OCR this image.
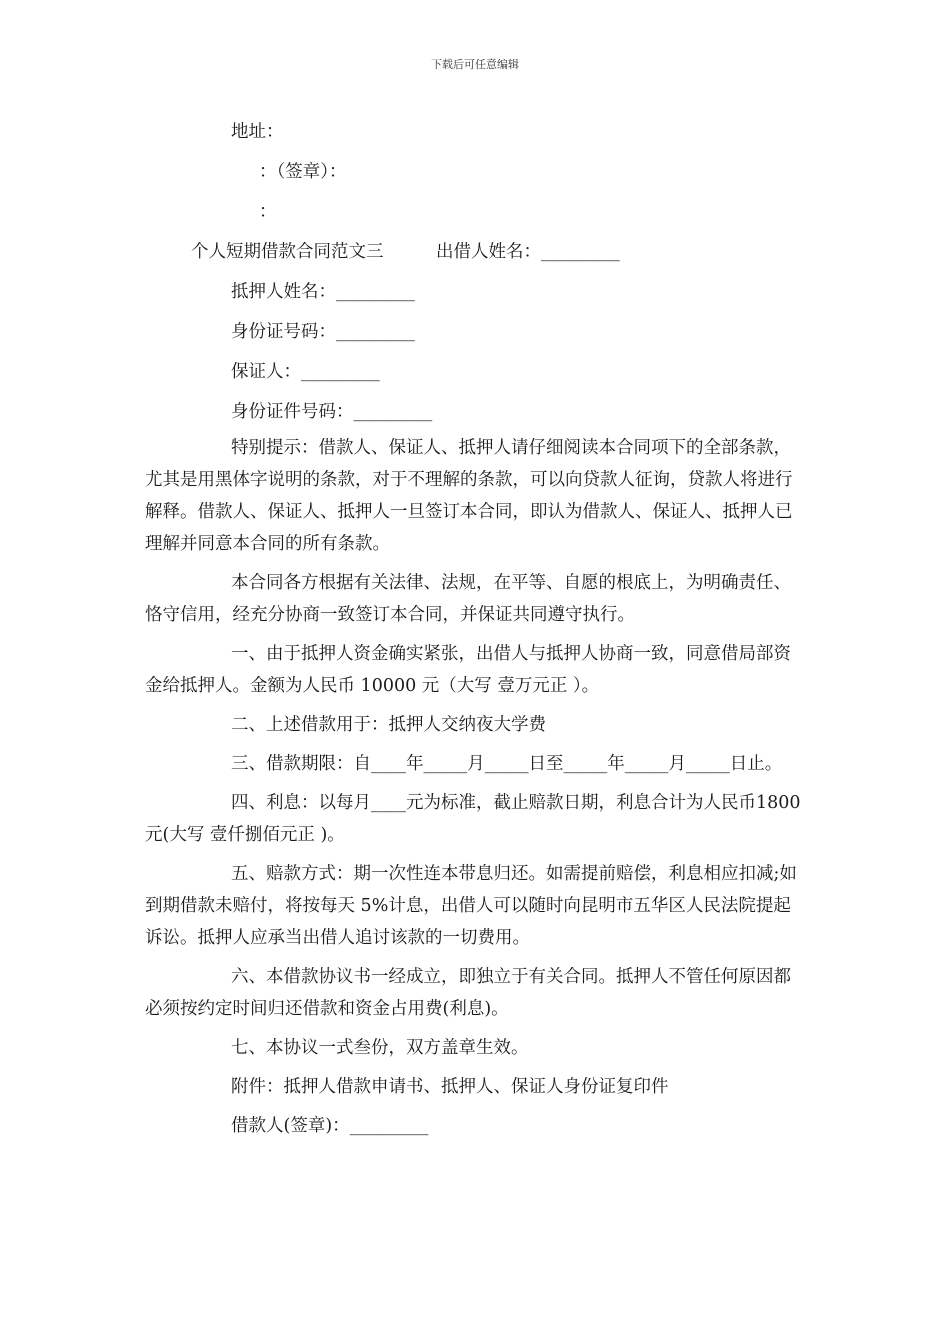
下载后可任意编辑

地址：

：（签章）：

：

个人短期借款合同范文三　　　出借人姓名：_________

抵押人姓名：_________

身份证号码：_________

保证人：_________

身份证件号码：_________

特别提示：借款人、保证人、抵押人请仔细阅读本合同项下的全部条款，尤其是用黑体字说明的条款，对于不理解的条款，可以向贷款人征询，贷款人将进行解释。借款人、保证人、抵押人一旦签订本合同，即认为借款人、保证人、抵押人已理解并同意本合同的所有条款。

本合同各方根据有关法律、法规，在平等、自愿的根底上，为明确责任、恪守信用，经充分协商一致签订本合同，并保证共同遵守执行。

一、由于抵押人资金确实紧张，出借人与抵押人协商一致，同意借局部资金给抵押人。金额为人民币 10000 元（大写 壹万元正 ）。

二、上述借款用于：抵押人交纳夜大学费

三、借款期限：自____年_____月_____日至_____年_____月_____日止。

四、利息：以每月____元为标准，截止赔款日期，利息合计为人民币1800 元(大写 壹仟捌佰元正 )。

五、赔款方式：期一次性连本带息归还。如需提前赔偿，利息相应扣减;如到期借款未赔付，将按每天 5%计息，出借人可以随时向昆明市五华区人民法院提起诉讼。抵押人应承当出借人追讨该款的一切费用。

六、本借款协议书一经成立，即独立于有关合同。抵押人不管任何原因都必须按约定时间归还借款和资金占用费(利息)。

七、本协议一式叁份，双方盖章生效。

附件：抵押人借款申请书、抵押人、保证人身份证复印件

借款人(签章)：_________
